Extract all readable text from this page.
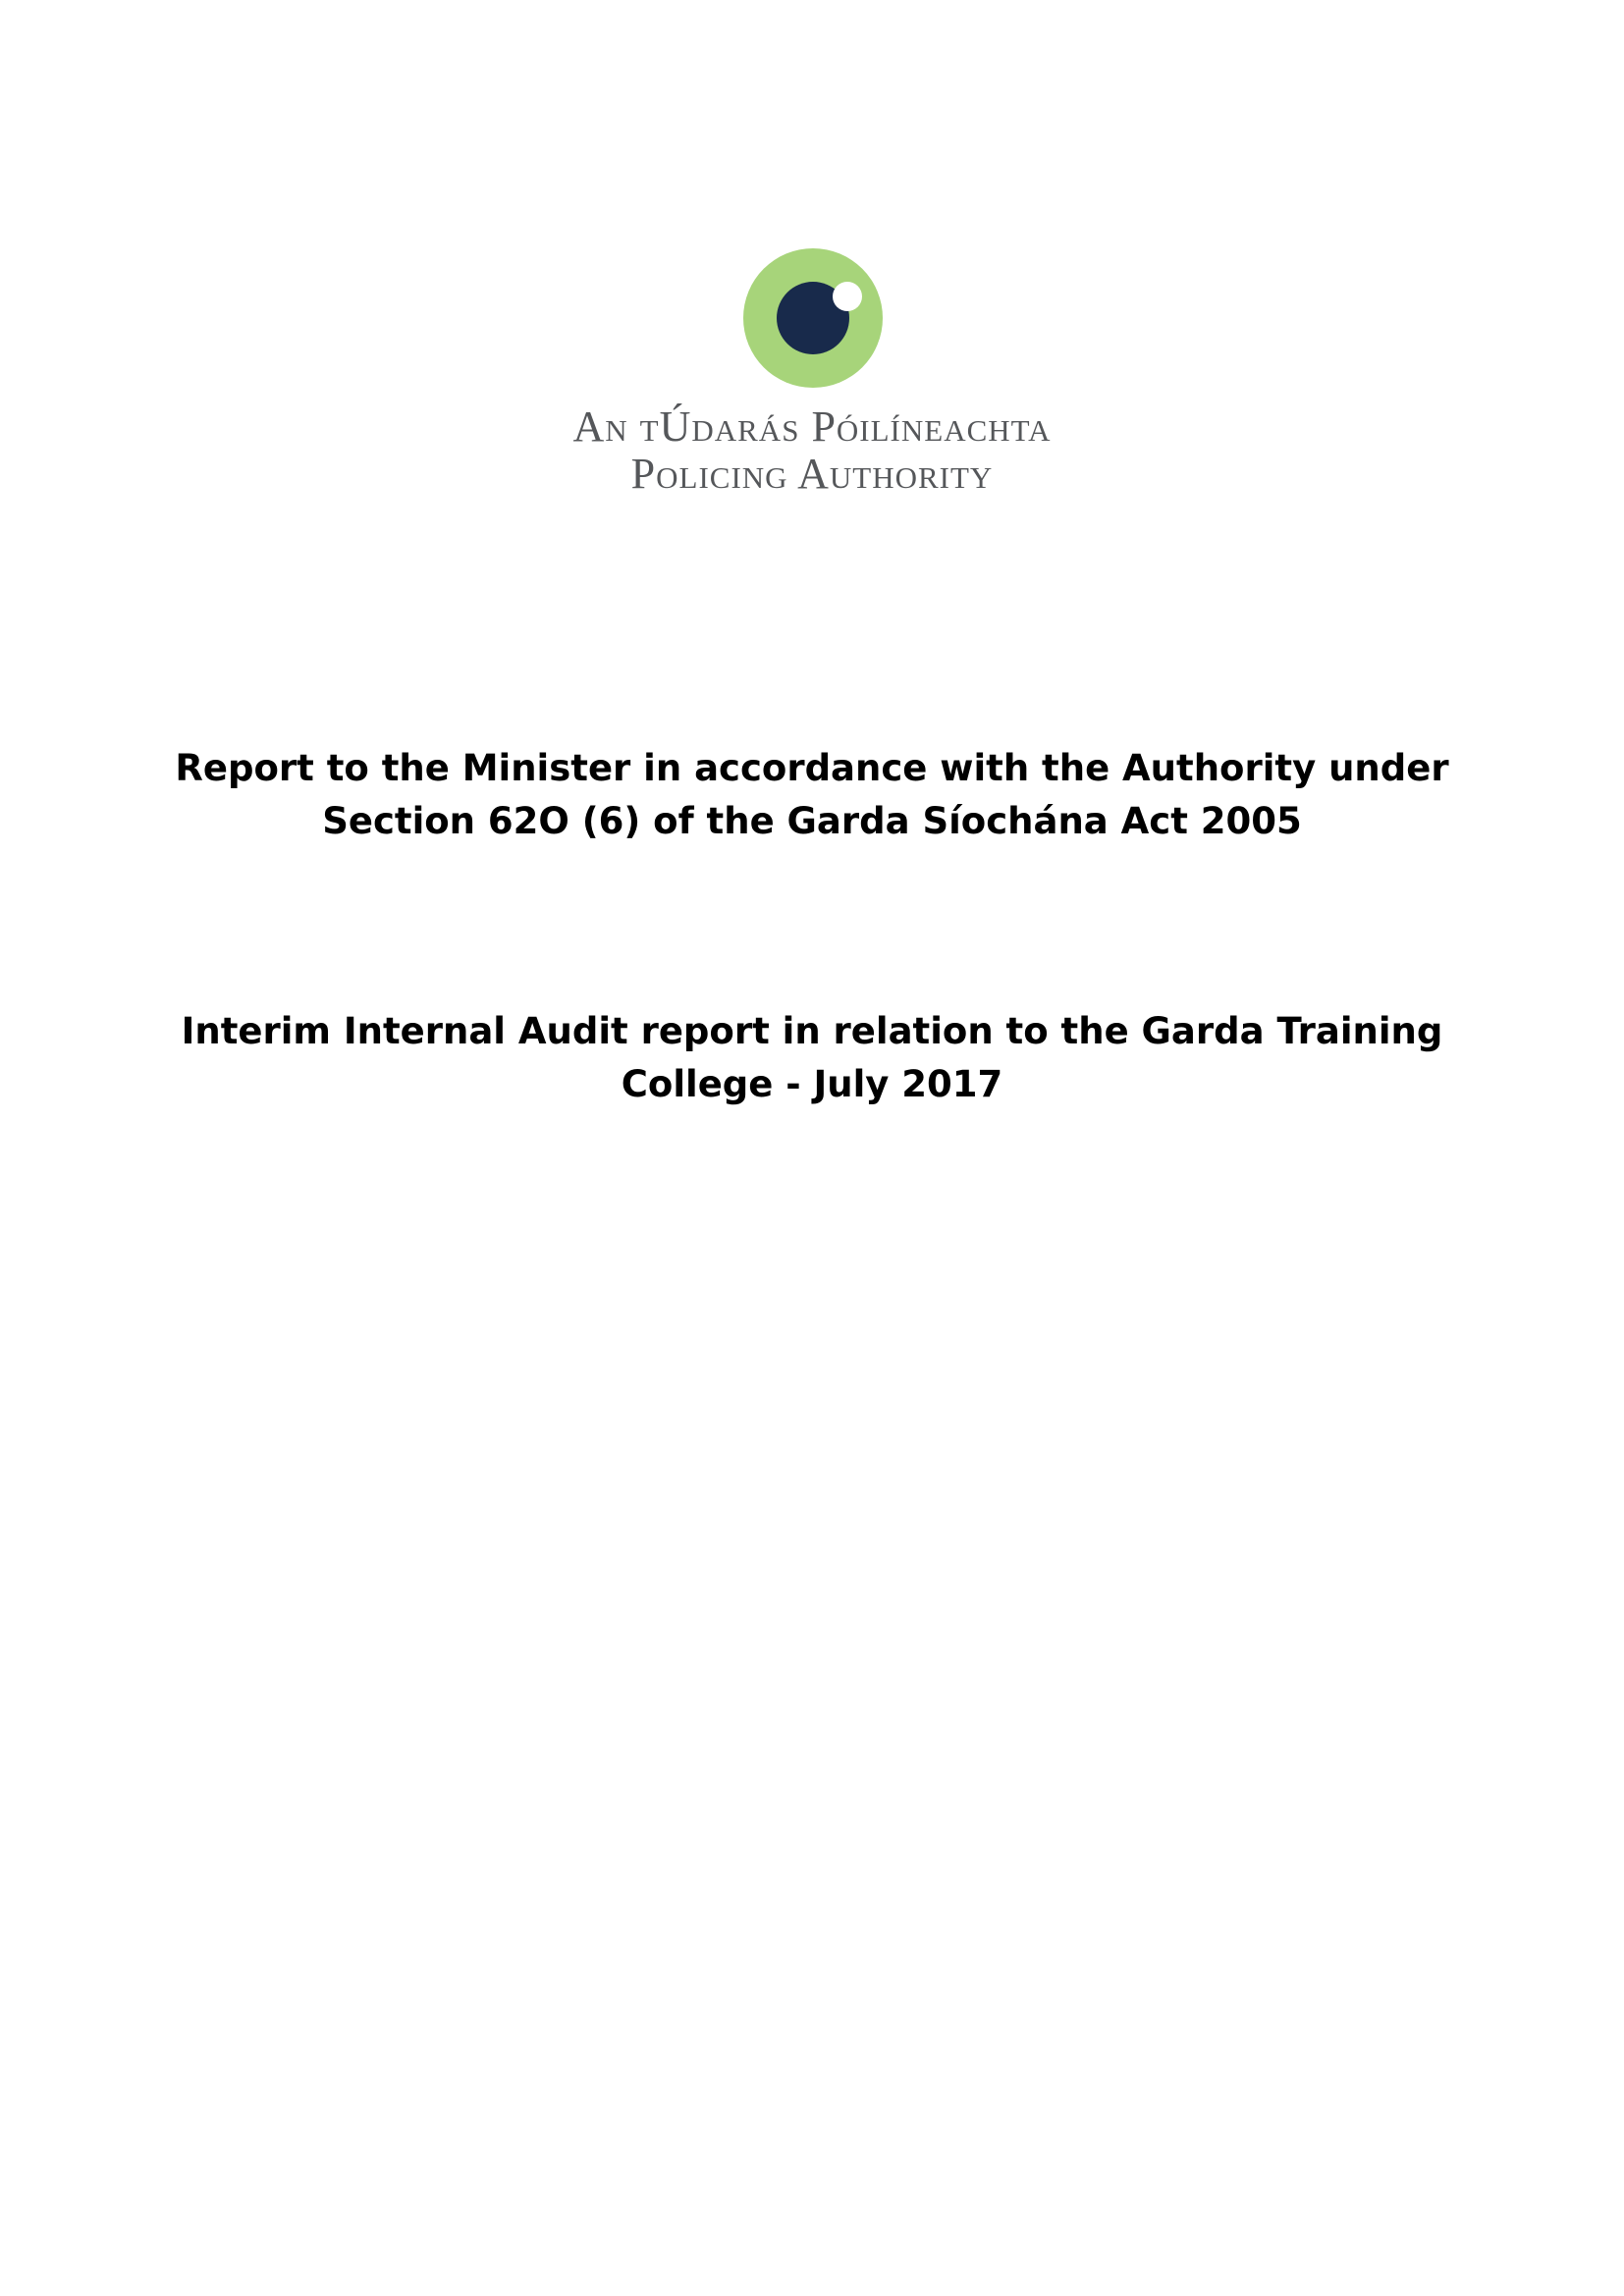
An tÚdarás Póilíneachta
Policing Authority
Report to the Minister in accordance with the Authority under
Section 62O (6) of the Garda Síochána Act 2005
Interim Internal Audit report in relation to the Garda Training
College - July 2017
